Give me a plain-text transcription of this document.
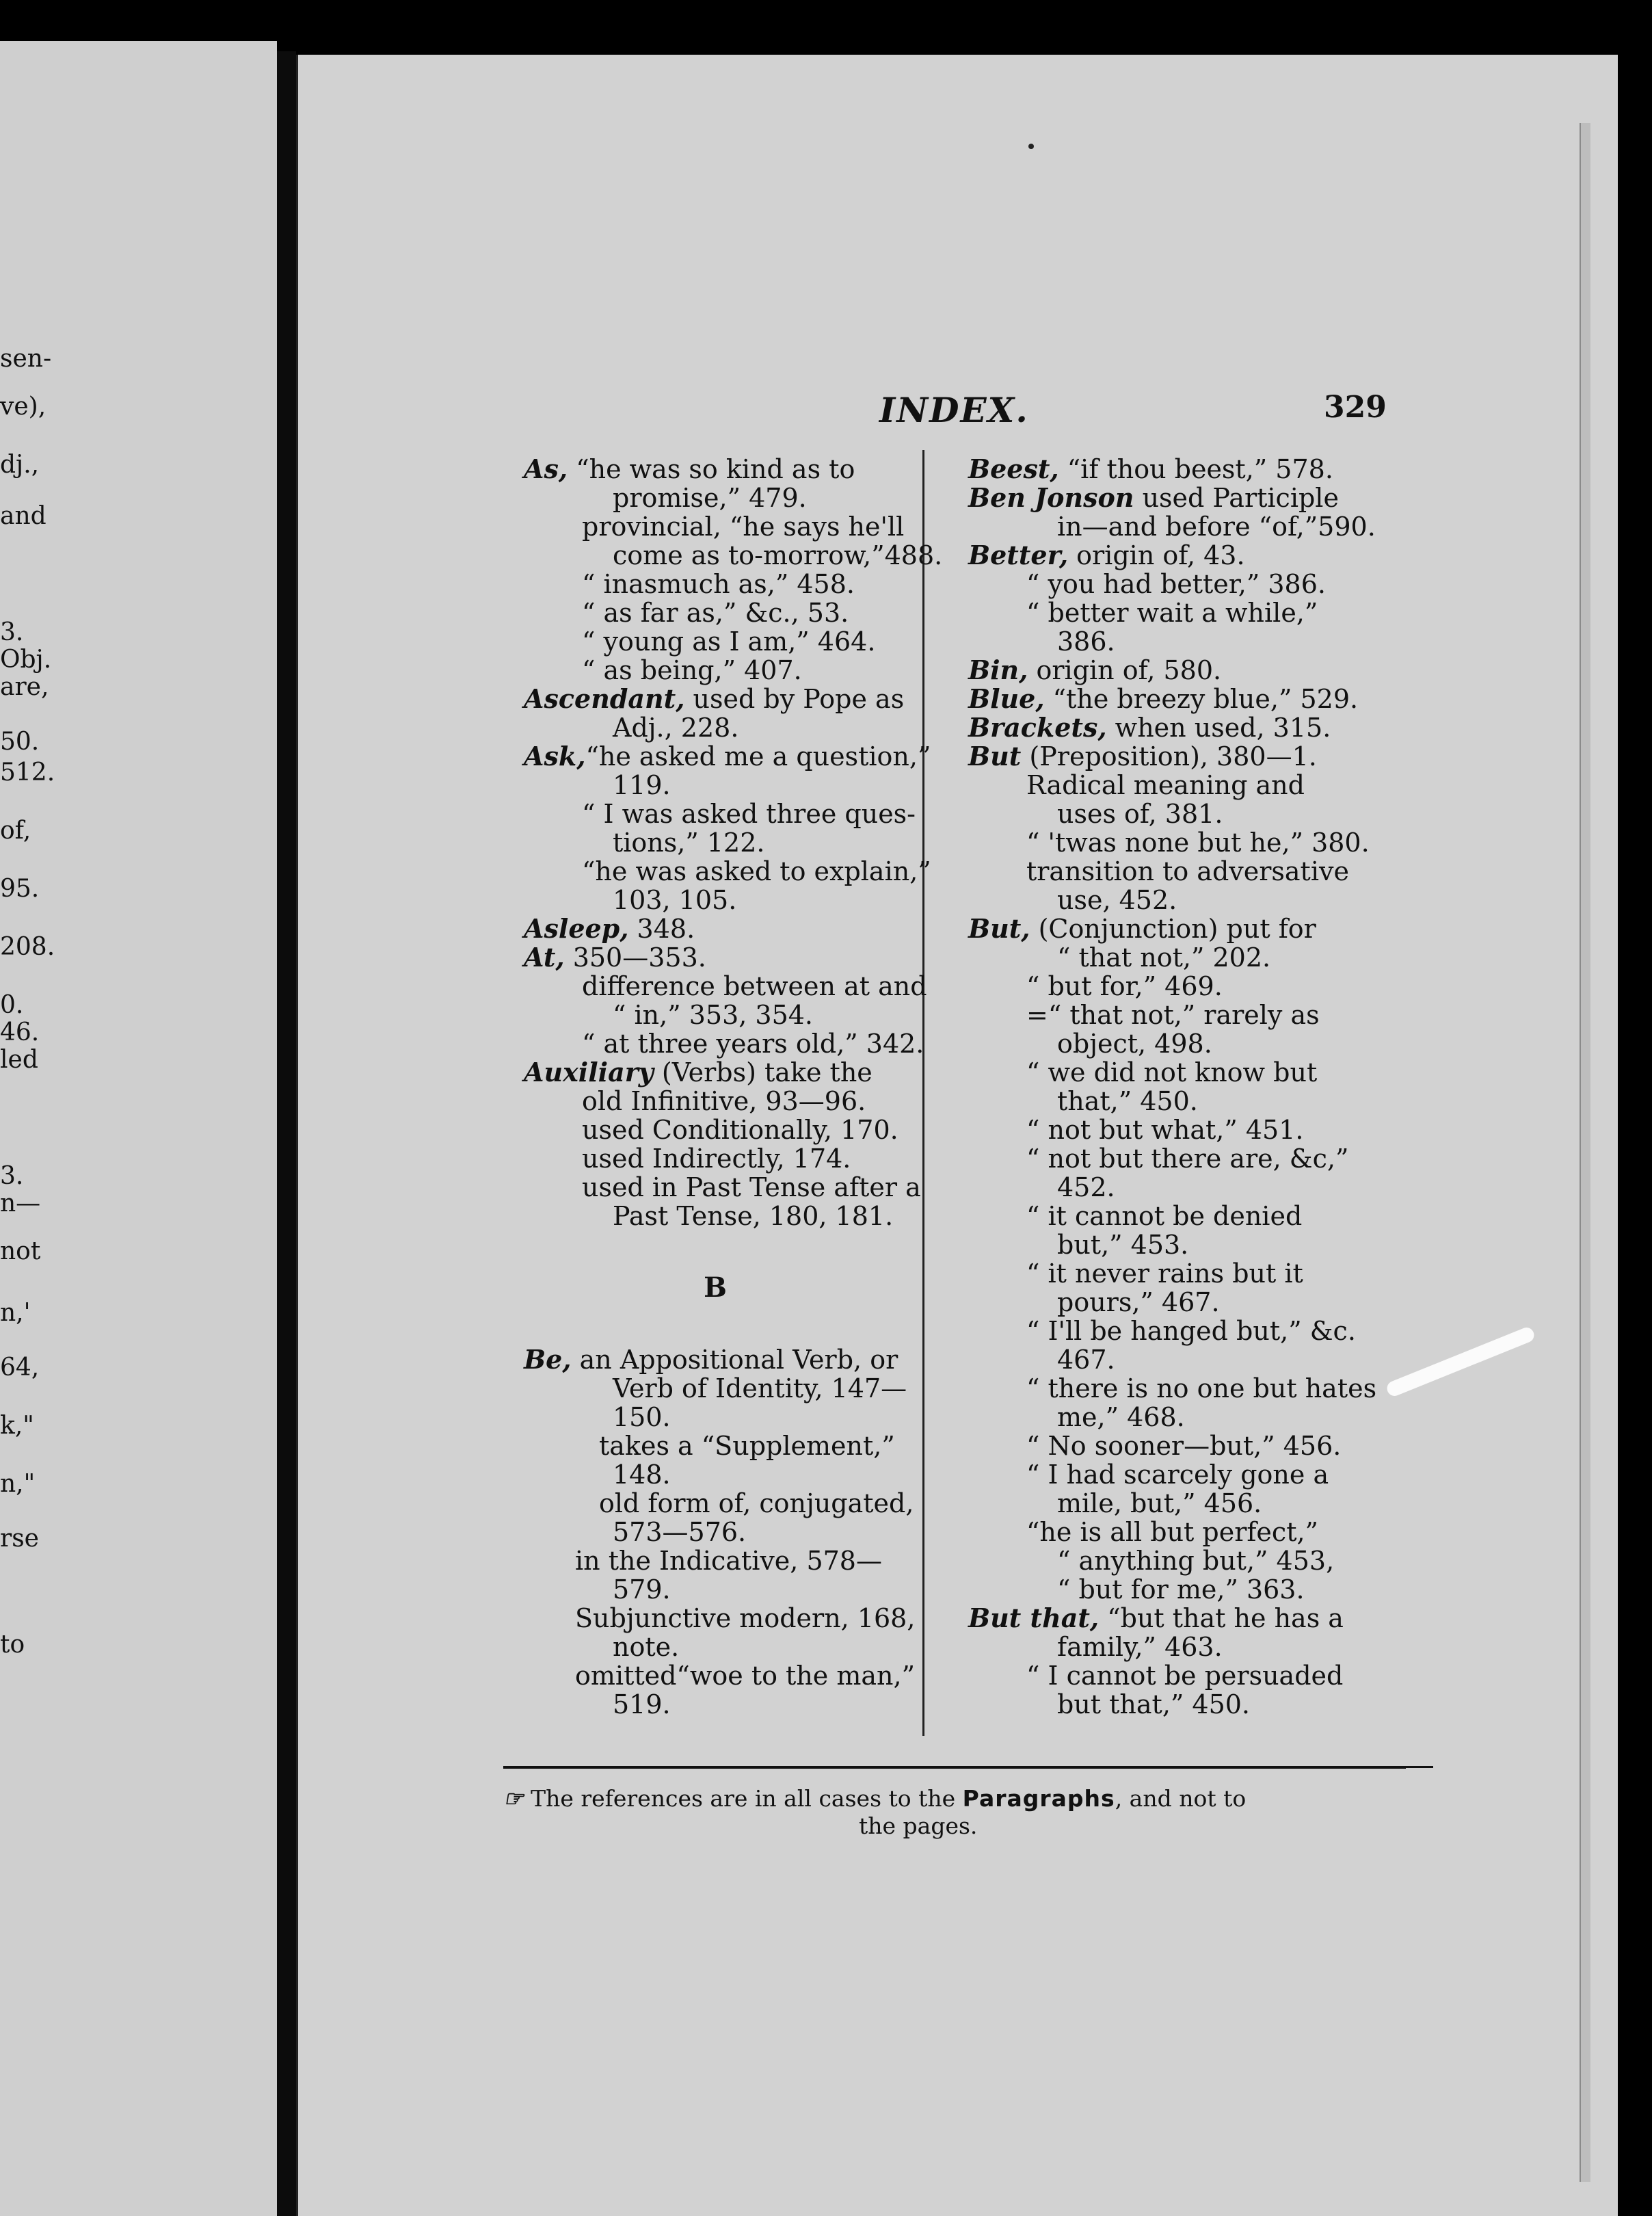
sen-
ve),
dj.,
and
3.
Obj.
are,
50.
512.
of,
95.
208.
0.
46.
led
3.
n—
not
n,'
64,
k,"
n,"
rse
to
INDEX.	329
As, “he was so kind as to
promise,” 479.
provincial, “he says he'll
come as to-morrow,”488.
“ inasmuch as,” 458.
“ as far as,” &c., 53.
“ young as I am,” 464.
“ as being,” 407.
Ascendant, used by Pope as
Adj., 228.
Ask,“he asked me a question,”
119.
“ I was asked three ques-
tions,” 122.
“he was asked to explain,”
103, 105.
Asleep, 348.
At, 350—353.
difference between at and
“ in,” 353, 354.
“ at three years old,” 342.
Auxiliary (Verbs) take the
old Infinitive, 93—96.
used Conditionally, 170.
used Indirectly, 174.
used in Past Tense after a
Past Tense, 180, 181.
B
Be, an Appositional Verb, or
Verb of Identity, 147—
150.
takes a “Supplement,”
148.
old form of, conjugated,
573—576.
in the Indicative, 578—
579.
Subjunctive modern, 168,
note.
omitted“woe to the man,”
519.
Beest, “if thou beest,” 578.
Ben Jonson used Participle
in—and before “of,”590.
Better, origin of, 43.
“ you had better,” 386.
“ better wait a while,”
386.
Bin, origin of, 580.
Blue, “the breezy blue,” 529.
Brackets, when used, 315.
But (Preposition), 380—1.
Radical meaning and
uses of, 381.
“ 'twas none but he,” 380.
transition to adversative
use, 452.
But, (Conjunction) put for
“ that not,” 202.
“ but for,” 469.
=“ that not,” rarely as
object, 498.
“ we did not know but
that,” 450.
“ not but what,” 451.
“ not but there are, &c,”
452.
“ it cannot be denied
but,” 453.
“ it never rains but it
pours,” 467.
“ I'll be hanged but,” &c.
467.
“ there is no one but hates
me,” 468.
“ No sooner—but,” 456.
“ I had scarcely gone a
mile, but,” 456.
“he is all but perfect,”
“ anything but,” 453,
“ but for me,” 363.
But that, “but that he has a
family,” 463.
“ I cannot be persuaded
but that,” 450.
☞ The references are in all cases to the Paragraphs, and not to
the pages.
